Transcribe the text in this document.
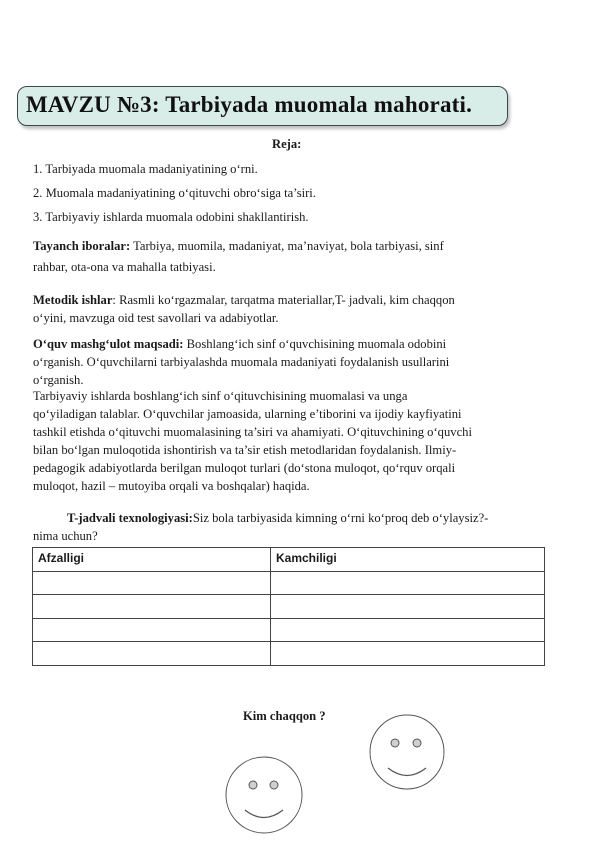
MAVZU №3: Tarbiyada muomala mahorati.
Reja:
1. Tarbiyada muomala madaniyatining o‘rni.
2. Muomala madaniyatining o‘qituvchi obro‘siga ta’siri.
3. Tarbiyaviy ishlarda muomala odobini shakllantirish.
Tayanch iboralar: Tarbiya, muomila, madaniyat, ma’naviyat, bola tarbiyasi, sinf
rahbar, ota-ona va mahalla tatbiyasi.
Metodik ishlar: Rasmli ko‘rgazmalar, tarqatma materiallar,T- jadvali, kim chaqqon
o‘yini, mavzuga oid test savollari va adabiyotlar.
O‘quv mashg‘ulot maqsadi: Boshlang‘ich sinf o‘quvchisining muomala odobini
o‘rganish. O‘quvchilarni tarbiyalashda muomala madaniyati foydalanish usullarini
o‘rganish.
Tarbiyaviy ishlarda boshlang‘ich sinf o‘qituvchisining muomalasi va unga
qo‘yiladigan talablar. O‘quvchilar jamoasida, ularning e’tiborini va ijodiy kayfiyatini
tashkil etishda o‘qituvchi muomalasining ta’siri va ahamiyati. O‘qituvchining o‘quvchi
bilan bo‘lgan muloqotida ishontirish va ta’sir etish metodlaridan foydalanish. Ilmiy-
pedagogik adabiyotlarda berilgan muloqot turlari (do‘stona muloqot, qo‘rquv orqali
muloqot, hazil – mutoyiba orqali va boshqalar) haqida.
T-jadvali texnologiyasi:Siz bola tarbiyasida kimning o‘rni ko‘proq deb o‘ylaysiz?-
nima uchun?
Afzalligi	Kamchiligi

Kim chaqqon ?
